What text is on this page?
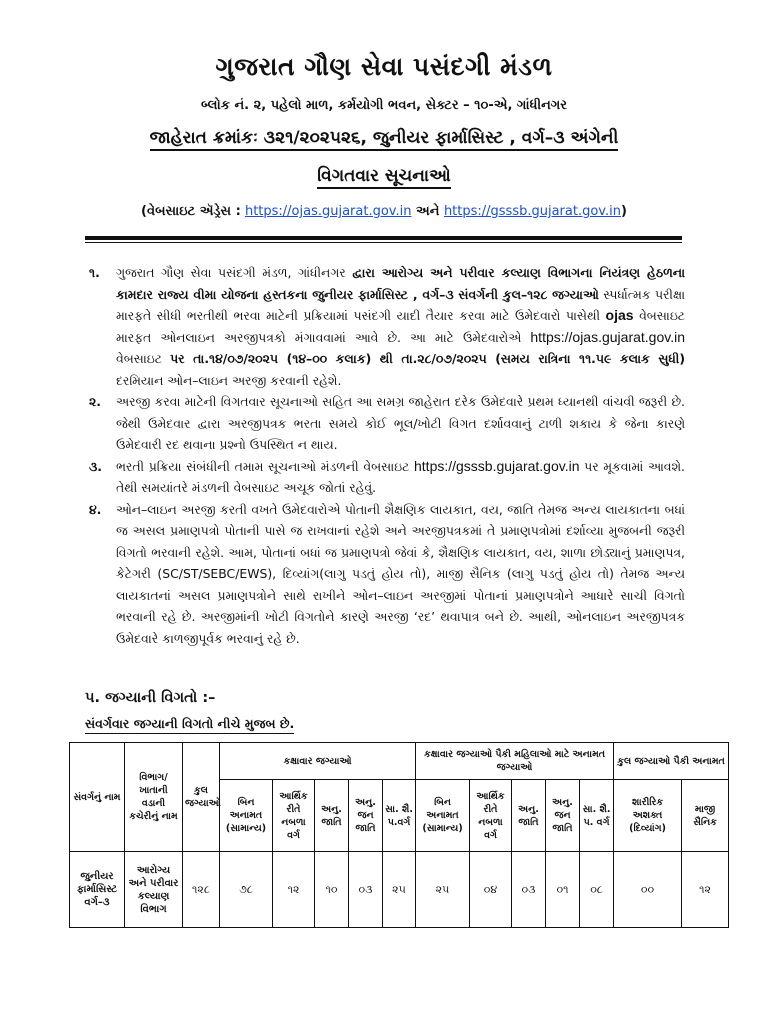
ગુજરાત ગૌણ સેવા પસંદગી મંડળ
બ્લોક નં. ૨, પહેલો માળ, કર્મયોગી ભવન, સેક્ટર – ૧૦-એ, ગાંધીનગર
જાહેરાત ક્રમાંકઃ ૩૨૧/૨૦૨૫૨૬, જુનીયર ફાર્માસિસ્ટ , વર્ગ–૩ અંગેની
વિગતવાર સૂચનાઓ
(વેબસાઇટ ઍડ્રેસ : https://ojas.gujarat.gov.in અને https://gsssb.gujarat.gov.in)
૧.	ગુજરાત ગૌણ સેવા પસંદગી મંડળ, ગાંધીનગર દ્વારા આરોગ્ય અને પરીવાર કલ્યાણ વિભાગના નિયંત્રણ હેઠળના કામદાર રાજ્ય વીમા યોજના હસ્તકના જુનીયર ફાર્માસિસ્ટ , વર્ગ–૩ સંવર્ગની કુલ–૧૨૮ જગ્યાઓ સ્પર્ધાત્મક પરીક્ષા મારફતે સીધી ભરતીથી ભરવા માટેની પ્રક્રિયામાં પસંદગી યાદી તૈયાર કરવા માટે ઉમેદવારો પાસેથી ojas વેબસાઇટ મારફત ઓનલાઇન અરજીપત્રકો મંગાવવામાં આવે છે. આ માટે ઉમેદવારોએ https://ojas.gujarat.gov.in વેબસાઇટ પર તા.૧૪/૦૭/૨૦૨૫ (૧૪–૦૦ કલાક) થી તા.૨૮/૦૭/૨૦૨૫ (સમય રાત્રિના ૧૧.૫૯ કલાક સુધી) દરમિયાન ઓન–લાઇન અરજી કરવાની રહેશે.
૨.	અરજી કરવા માટેની વિગતવાર સૂચનાઓ સહિત આ સમગ્ર જાહેરાત દરેક ઉમેદવારે પ્રથમ ધ્યાનથી વાંચવી જરૂરી છે. જેથી ઉમેદવાર દ્વારા અરજીપત્રક ભરતા સમયે કોઈ ભૂલ/ખોટી વિગત દર્શાવવાનું ટાળી શકાય કે જેના કારણે ઉમેદવારી રદ થવાના પ્રશ્નો ઉપસ્થિત ન થાય.
૩.	ભરતી પ્રક્રિયા સંબંધીની તમામ સૂચનાઓ મંડળની વેબસાઇટ https://gsssb.gujarat.gov.in પર મૂકવામાં આવશે. તેથી સમયાંતરે મંડળની વેબસાઇટ અચૂક જોતાં રહેવું.
૪.	ઓન–લાઇન અરજી કરતી વખતે ઉમેદવારોએ પોતાની શૈક્ષણિક લાયકાત, વય, જાતિ તેમજ અન્ય લાયકાતના બધાં જ અસલ પ્રમાણપત્રો પોતાની પાસે જ રાખવાનાં રહેશે અને અરજીપત્રકમાં તે પ્રમાણપત્રોમાં દર્શાવ્યા મુજબની જરૂરી વિગતો ભરવાની રહેશે. આમ, પોતાનાં બધાં જ પ્રમાણપત્રો જેવાં કે, શૈક્ષણિક લાયકાત, વય, શાળા છોડ્યાનું પ્રમાણપત્ર, કેટેગરી (SC/ST/SEBC/EWS), દિવ્યાંગ(લાગુ પડતું હોય તો), માજી સૈનિક (લાગુ પડતું હોય તો) તેમજ અન્ય લાયકાતનાં અસલ પ્રમાણપત્રોને સાથે રાખીને ઓન–લાઇન અરજીમાં પોતાનાં પ્રમાણપત્રોને આધારે સાચી વિગતો ભરવાની રહે છે. અરજીમાંની ખોટી વિગતોને કારણે અરજી ‘રદ’ થવાપાત્ર બને છે. આથી, ઓનલાઇન અરજીપત્રક ઉમેદવારે કાળજીપૂર્વક ભરવાનું રહે છે.
૫. જગ્યાની વિગતો :–
સંવર્ગવાર જગ્યાની વિગતો નીચે મુજબ છે.
સંવર્ગનું નામ	વિભાગ/ ખાતાની વડાની કચેરીનું નામ	કુલ જગ્યાઓ	કક્ષાવાર જગ્યાઓ					કક્ષાવાર જગ્યાઓ પૈકી મહિલાઓ માટે અનામત જગ્યાઓ					કુલ જગ્યાઓ પૈકી અનામત	
			બિન અનામત (સામાન્ય)	આર્થિક રીતે નબળા વર્ગ	અનુ. જાતિ	અનુ. જન જાતિ	સા. શૈ. પ.વર્ગ	બિન અનામત (સામાન્ય)	આર્થિક રીતે નબળા વર્ગ	અનુ. જાતિ	અનુ. જન જાતિ	સા. શૈ. પ. વર્ગ	શારીરિક અશક્ત (દિવ્યાંગ)	માજી સૈનિક
જુનીયર ફાર્માસિસ્ટ વર્ગ–૩	આરોગ્ય અને પરીવાર કલ્યાણ વિભાગ	૧૨૮	૭૮	૧૨	૧૦	૦૩	૨૫	૨૫	૦૪	૦૩	૦૧	૦૮	૦૦	૧૨
